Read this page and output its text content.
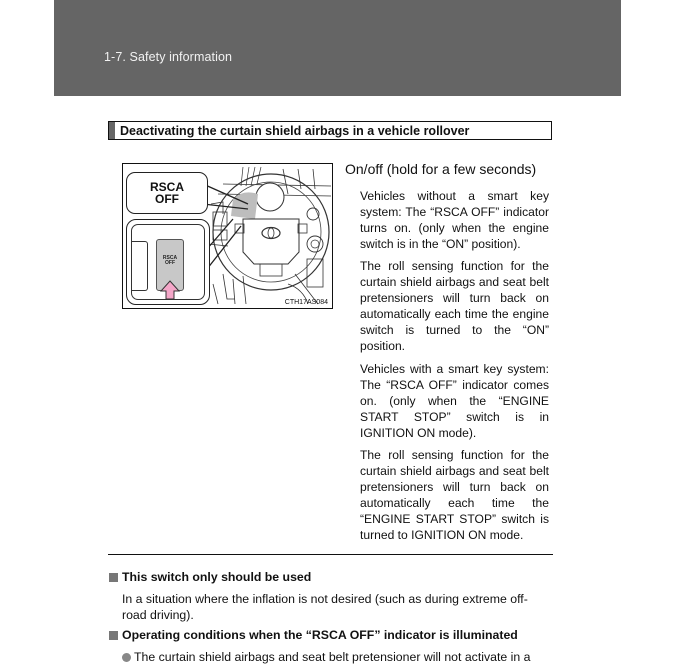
1-7. Safety information
Deactivating the curtain shield airbags in a vehicle rollover
RSCA
OFF
RSCA
OFF
CTH17AS084
On/off (hold for a few seconds)

Vehicles without a smart key system: The “RSCA OFF” indicator turns on. (only when the engine switch is in the “ON” position).

The roll sensing function for the curtain shield airbags and seat belt pretensioners will turn back on automatically each time the engine switch is turned to the “ON” position.

Vehicles with a smart key system: The “RSCA OFF” indicator comes on. (only when the “ENGINE START STOP” switch is in IGNITION ON mode).

The roll sensing function for the curtain shield airbags and seat belt pretensioners will turn back on automatically each time the “ENGINE START STOP” switch is turned to IGNITION ON mode.

This switch only should be used
In a situation where the inflation is not desired (such as during extreme off-road driving).
Operating conditions when the “RSCA OFF” indicator is illuminated
The curtain shield airbags and seat belt pretensioner will not activate in a
